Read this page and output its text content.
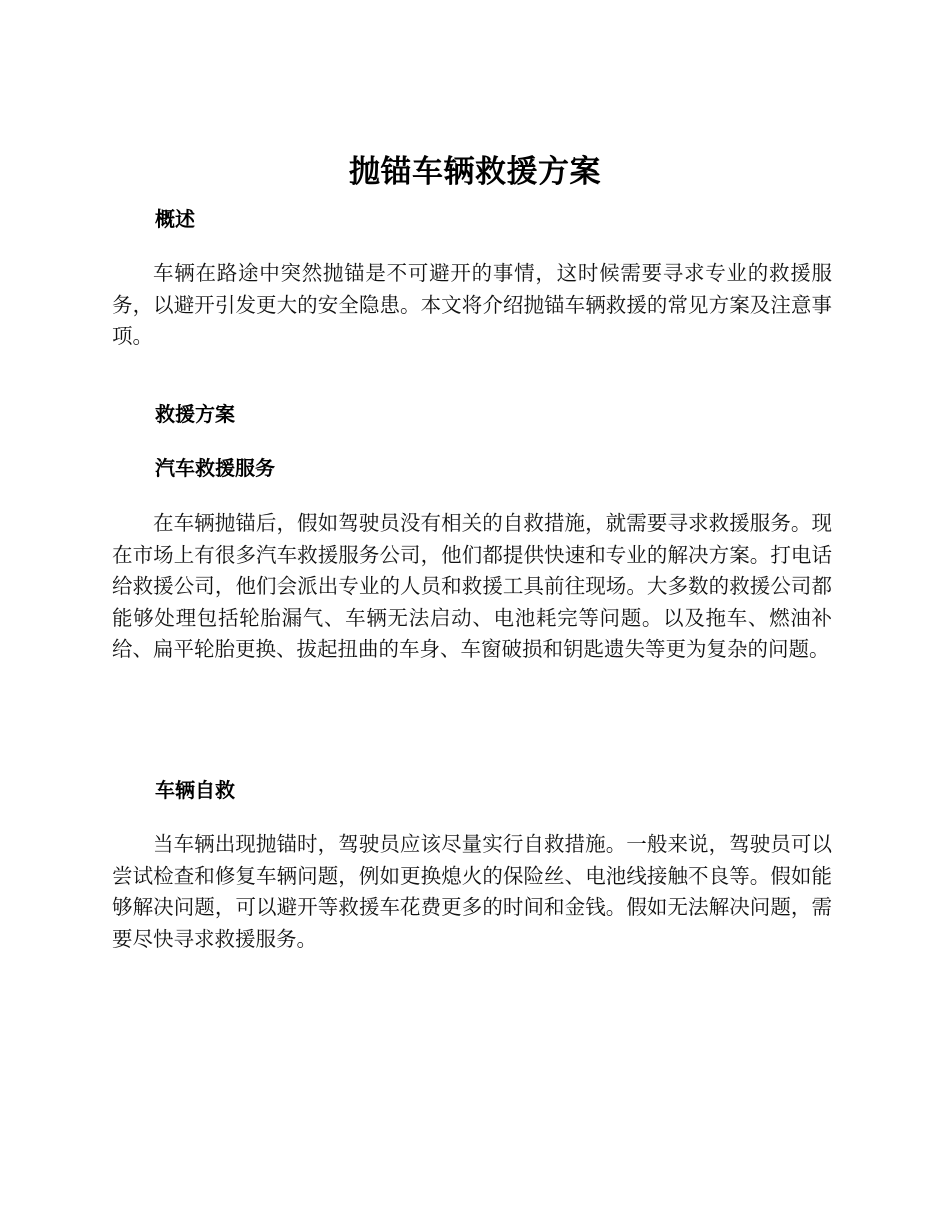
抛锚车辆救援方案
概述
车辆在路途中突然抛锚是不可避开的事情，这时候需要寻求专业的救援服务，以避开引发更大的安全隐患。本文将介绍抛锚车辆救援的常见方案及注意事项。
救援方案
汽车救援服务
在车辆抛锚后，假如驾驶员没有相关的自救措施，就需要寻求救援服务。现在市场上有很多汽车救援服务公司，他们都提供快速和专业的解决方案。打电话给救援公司，他们会派出专业的人员和救援工具前往现场。大多数的救援公司都能够处理包括轮胎漏气、车辆无法启动、电池耗完等问题。以及拖车、燃油补给、扁平轮胎更换、拔起扭曲的车身、车窗破损和钥匙遗失等更为复杂的问题。
车辆自救
当车辆出现抛锚时，驾驶员应该尽量实行自救措施。一般来说，驾驶员可以尝试检查和修复车辆问题，例如更换熄火的保险丝、电池线接触不良等。假如能够解决问题，可以避开等救援车花费更多的时间和金钱。假如无法解决问题，需要尽快寻求救援服务。
